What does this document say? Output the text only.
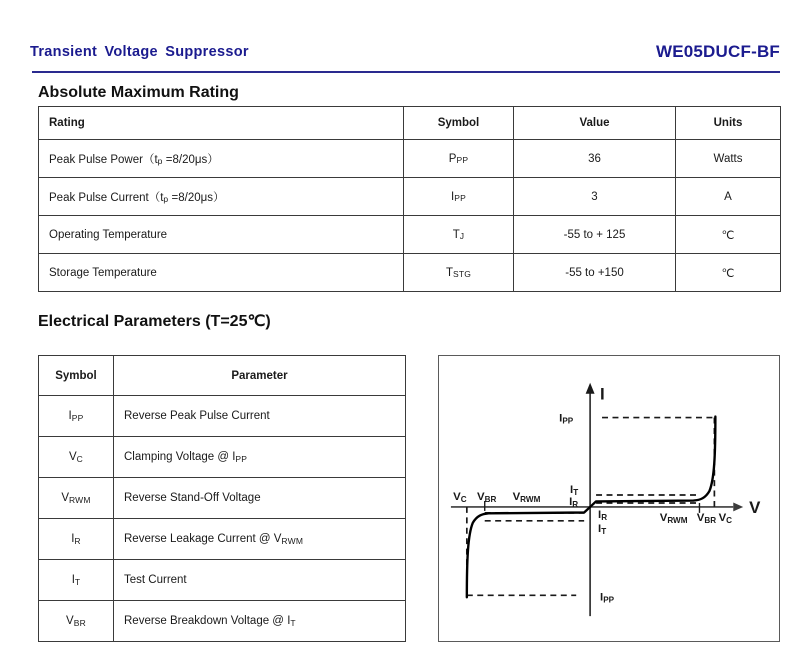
Transient Voltage Suppressor	WE05DUCF-BF
Absolute Maximum Rating
Rating	Symbol	Value	Units
Peak Pulse $Power(t_p =8/20\mu s)$	$P_{PP}$	36	Watts
Peak Pulse $Current(t_p =8/20\mu s)$	$I_{PP}$	3	A
Operating Temperature	$T_J$	-55 to + 125	℃
Storage Temperature	$T_{STG}$	-55 to +150	℃
Electrical Parameters (T=25℃)
Symbol	Parameter
$I_{PP}$	Reverse Peak Pulse Current
$V_C$	Clamping Voltage @ $I_{PP}$
$V_{RWM}$	Reverse Stand-Off Voltage
$I_R$	Reverse Leakage Current @ $V_{RWM}$
$I_T$	Test Current
$V_{BR}$	Reverse Breakdown Voltage @ $I_T$
I
V
IPP
IT
IR
IR
IT
IPP
VC VBR VRWM
VRWM VBR VC
